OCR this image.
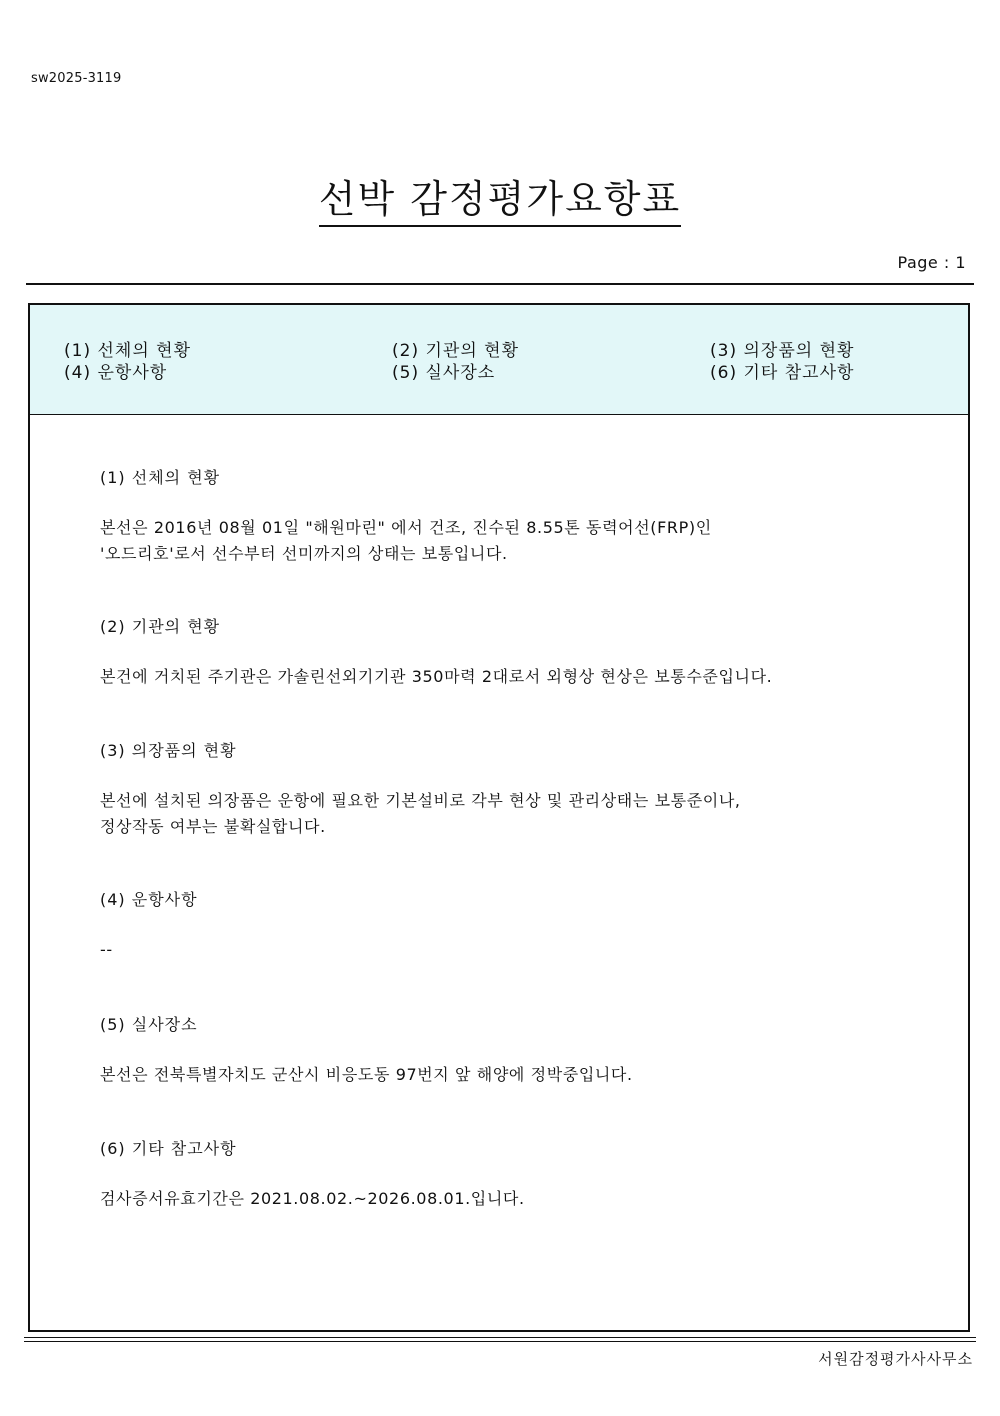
sw2025-3119
선박 감정평가요항표
Page : 1
(1) 선체의 현황	(2) 기관의 현황	(3) 의장품의 현황
(4) 운항사항	(5) 실사장소	(6) 기타 참고사항
(1) 선체의 현황
본선은 2016년 08월 01일 "해원마린" 에서 건조, 진수된 8.55톤 동력어선(FRP)인
'오드리호'로서 선수부터 선미까지의 상태는 보통입니다.
(2) 기관의 현황
본건에 거치된 주기관은 가솔린선외기기관 350마력 2대로서 외형상 현상은 보통수준입니다.
(3) 의장품의 현황
본선에 설치된 의장품은 운항에 필요한 기본설비로 각부 현상 및 관리상태는 보통준이나,
정상작동 여부는 불확실합니다.
(4) 운항사항
--
(5) 실사장소
본선은 전북특별자치도 군산시 비응도동 97번지 앞 해양에 정박중입니다.
(6) 기타 참고사항
검사증서유효기간은 2021.08.02.~2026.08.01.입니다.
서원감정평가사사무소
